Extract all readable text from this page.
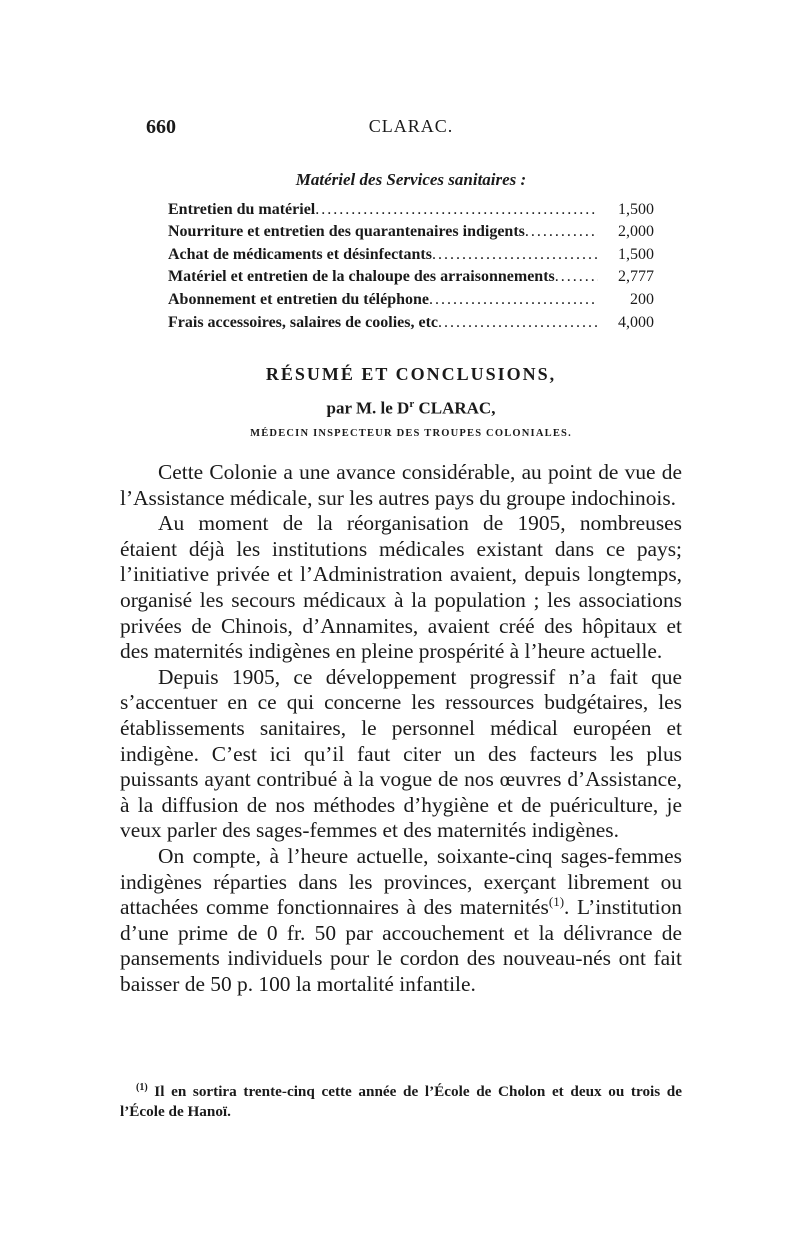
660	CLARAC.
Matériel des Services sanitaires :
Entretien du matériel .....	1,500
Nourriture et entretien des quarantenaires indigents .....	2,000
Achat de médicaments et désinfectants .....	1,500
Matériel et entretien de la chaloupe des arraisonnements .....	2,777
Abonnement et entretien du téléphone .....	200
Frais accessoires, salaires de coolies, etc .....	4,000
RÉSUMÉ ET CONCLUSIONS,
par M. le $D^r$ CLARAC,
MÉDECIN INSPECTEUR DES TROUPES COLONIALES.

Cette Colonie a une avance considérable, au point de vue de l’Assistance médicale, sur les autres pays du groupe indochinois.

Au moment de la réorganisation de 1905, nombreuses étaient déjà les institutions médicales existant dans ce pays; l’initiative privée et l’Administration avaient, depuis longtemps, organisé les secours médicaux à la population ; les associations privées de Chinois, d’Annamites, avaient créé des hôpitaux et des maternités indigènes en pleine prospérité à l’heure actuelle.

Depuis 1905, ce développement progressif n’a fait que s’accentuer en ce qui concerne les ressources budgétaires, les établissements sanitaires, le personnel médical européen et indigène. C’est ici qu’il faut citer un des facteurs les plus puissants ayant contribué à la vogue de nos œuvres d’Assistance, à la diffusion de nos méthodes d’hygiène et de puériculture, je veux parler des sages-femmes et des maternités indigènes.

On compte, à l’heure actuelle, soixante-cinq sages-femmes indigènes réparties dans les provinces, exerçant librement ou attachées comme fonctionnaires à des maternités$^{(1)}$. L’institution d’une prime de 0 fr. 50 par accouchement et la délivrance de pansements individuels pour le cordon des nouveau-nés ont fait baisser de 50 p. 100 la mortalité infantile.

$^{(1)}$ Il en sortira trente-cinq cette année de l’École de Cholon et deux ou trois de l’École de Hanoï.
